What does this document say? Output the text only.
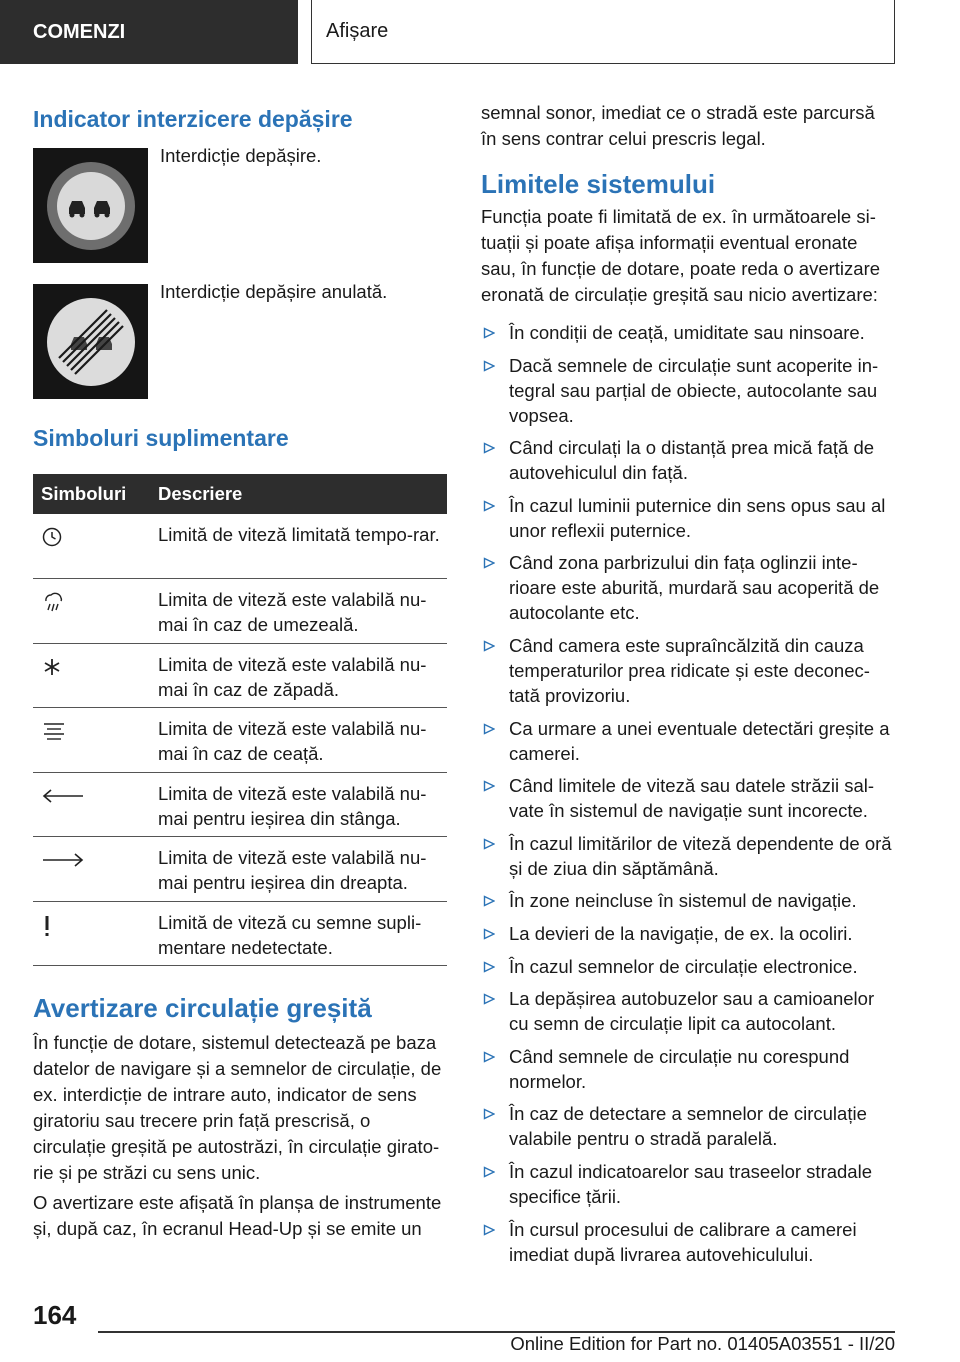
COMENZI	Afișare
Indicator interzicere depășire
Interdicție depășire.
Interdicție depășire anulată.
Simboluri suplimentare
Simboluri	Descriere

	Limită de viteză limitată tempo-rar.

	Limita de viteză este valabilă nu-mai în caz de umezeală.

	Limita de viteză este valabilă nu-mai în caz de zăpadă.

	Limita de viteză este valabilă nu-mai în caz de ceață.

	Limita de viteză este valabilă nu-mai pentru ieșirea din stânga.

	Limita de viteză este valabilă nu-mai pentru ieșirea din dreapta.

	Limită de viteză cu semne supli-mentare nedetectate.
Avertizare circulație greșită

În funcție de dotare, sistemul detectează pe baza datelor de navigare și a semnelor de circulație, de ex. interdicție de intrare auto, indicator de sens giratoriu sau trecere prin față prescrisă, o circulație greșită pe autostrăzi, în circulație girato-rie și pe străzi cu sens unic.

O avertizare este afișată în planșa de instrumente și, după caz, în ecranul Head-Up și se emite un

semnal sonor, imediat ce o stradă este parcursă în sens contrar celui prescris legal.

Limitele sistemului

Funcția poate fi limitată de ex. în următoarele si-tuații și poate afișa informații eventual eronate sau, în funcție de dotare, poate reda o avertizare eronată de circulație greșită sau nicio avertizare:

În condiții de ceață, umiditate sau ninsoare.
Dacă semnele de circulație sunt acoperite in-tegral sau parțial de obiecte, autocolante sau vopsea.
Când circulați la o distanță prea mică față de autovehiculul din față.
În cazul luminii puternice din sens opus sau al unor reflexii puternice.
Când zona parbrizului din fața oglinzii inte-rioare este aburită, murdară sau acoperită de autocolante etc.
Când camera este supraîncălzită din cauza temperaturilor prea ridicate și este deconec-tată provizoriu.
Ca urmare a unei eventuale detectări greșite a camerei.
Când limitele de viteză sau datele străzii sal-vate în sistemul de navigație sunt incorecte.
În cazul limitărilor de viteză dependente de oră și de ziua din săptămână.
În zone neincluse în sistemul de navigație.
La devieri de la navigație, de ex. la ocoliri.
În cazul semnelor de circulație electronice.
La depășirea autobuzelor sau a camioanelor cu semn de circulație lipit ca autocolant.
Când semnele de circulație nu corespund normelor.
În caz de detectare a semnelor de circulație valabile pentru o stradă paralelă.
În cazul indicatoarelor sau traseelor stradale specifice țării.
În cursul procesului de calibrare a camerei imediat după livrarea autovehiculului.
164
Online Edition for Part no. 01405A03551 - II/20
